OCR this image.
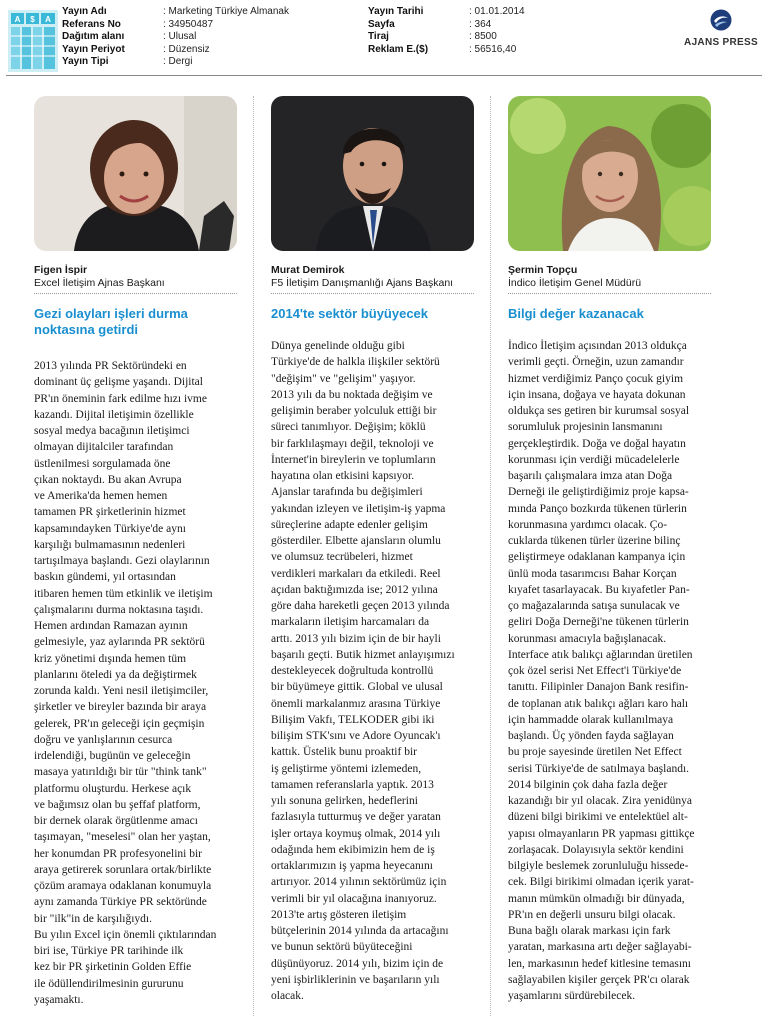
A $ A
Yayın Adı	: Marketing Türkiye Almanak
Referans No	: 34950487
Dağıtım alanı	: Ulusal
Yayın Periyot	: Düzensiz
Yayın Tipi	: Dergi
Yayın Tarihi	: 01.01.2014
Sayfa	: 364
Tiraj	: 8500
Reklam E.($)	: 56516,40
AJANS PRESS
Figen İspir
Excel İletişim Ajnas Başkanı
Gezi olayları işleri durma
noktasına getirdi
2013 yılında PR Sektöründeki en
dominant üç gelişme yaşandı. Dijital
PR'ın öneminin fark edilme hızı ivme
kazandı. Dijital iletişimin özellikle
sosyal medya bacağının iletişimci
olmayan dijitalciler tarafından
üstlenilmesi sorgulamada öne
çıkan noktaydı. Bu akan Avrupa
ve Amerika'da hemen hemen
tamamen PR şirketlerinin hizmet
kapsamındayken Türkiye'de aynı
karşılığı bulmamasının nedenleri
tartışılmaya başlandı. Gezi olaylarının
baskın gündemi, yıl ortasından
itibaren hemen tüm etkinlik ve iletişim
çalışmalarını durma noktasına taşıdı.
Hemen ardından Ramazan ayının
gelmesiyle, yaz aylarında PR sektörü
kriz yönetimi dışında hemen tüm
planlarını öteledi ya da değiştirmek
zorunda kaldı. Yeni nesil iletişimciler,
şirketler ve bireyler bazında bir araya
gelerek, PR'ın geleceği için geçmişin
doğru ve yanlışlarının cesurca
irdelendiği, bugünün ve geleceğin
masaya yatırıldığı bir tür "think tank"
platformu oluşturdu. Herkese açık
ve bağımsız olan bu şeffaf platform,
bir dernek olarak örgütlenme amacı
taşımayan, "meselesi" olan her yaştan,
her konumdan PR profesyonelini bir
araya getirerek sorunlara ortak/birlikte
çözüm aramaya odaklanan konumuyla
aynı zamanda Türkiye PR sektöründe
bir "ilk"in de karşılığıydı.
Bu yılın Excel için önemli çıktılarından
biri ise, Türkiye PR tarihinde ilk
kez bir PR şirketinin Golden Effie
ile ödüllendirilmesinin gururunu
yaşamaktı.
Murat Demirok
F5 İletişim Danışmanlığı Ajans Başkanı
2014'te sektör büyüyecek
Dünya genelinde olduğu gibi
Türkiye'de de halkla ilişkiler sektörü
"değişim" ve "gelişim" yaşıyor.
2013 yılı da bu noktada değişim ve
gelişimin beraber yolculuk ettiği bir
süreci tanımlıyor. Değişim; köklü
bir farklılaşmayı değil, teknoloji ve
İnternet'in bireylerin ve toplumların
hayatına olan etkisini kapsıyor.
Ajanslar tarafında bu değişimleri
yakından izleyen ve iletişim-iş yapma
süreçlerine adapte edenler gelişim
gösterdiler. Elbette ajansların olumlu
ve olumsuz tecrübeleri, hizmet
verdikleri markaları da etkiledi. Reel
açıdan baktığımızda ise; 2012 yılına
göre daha hareketli geçen 2013 yılında
markaların iletişim harcamaları da
arttı. 2013 yılı bizim için de bir hayli
başarılı geçti. Butik hizmet anlayışımızı
destekleyecek doğrultuda kontrollü
bir büyümeye gittik. Global ve ulusal
önemli markalanmız arasına Türkiye
Bilişim Vakfı, TELKODER gibi iki
bilişim STK'sını ve Adore Oyuncak'ı
kattık. Üstelik bunu proaktif bir
iş geliştirme yöntemi izlemeden,
tamamen referanslarla yaptık. 2013
yılı sonuna gelirken, hedeflerini
fazlasıyla tutturmuş ve değer yaratan
işler ortaya koymuş olmak, 2014 yılı
odağında hem ekibimizin hem de iş
ortaklarımızın iş yapma heyecanını
artırıyor. 2014 yılının sektörümüz için
verimli bir yıl olacağına inanıyoruz.
2013'te artış gösteren iletişim
bütçelerinin 2014 yılında da artacağını
ve bunun sektörü büyüteceğini
düşünüyoruz. 2014 yılı, bizim için de
yeni işbirliklerinin ve başarıların yılı
olacak.
Şermin Topçu
İndico İletişim Genel Müdürü
Bilgi değer kazanacak
İndico İletişim açısından 2013 oldukça
verimli geçti. Örneğin, uzun zamandır
hizmet verdiğimiz Panço çocuk giyim
için insana, doğaya ve hayata dokunan
oldukça ses getiren bir kurumsal sosyal
sorumluluk projesinin lansmanını
gerçekleştirdik. Doğa ve doğal hayatın
korunması için verdiği mücadelelerle
başarılı çalışmalara imza atan Doğa
Derneği ile geliştirdiğimiz proje kapsa-
mında Panço bozkırda tükenen türlerin
korunmasına yardımcı olacak. Ço-
cuklarda tükenen türler üzerine bilinç
geliştirmeye odaklanan kampanya için
ünlü moda tasarımcısı Bahar Korçan
kıyafet tasarlayacak. Bu kıyafetler Pan-
ço mağazalarında satışa sunulacak ve
geliri Doğa Derneği'ne tükenen türlerin
korunması amacıyla bağışlanacak.
Interface atık balıkçı ağlarından üretilen
çok özel serisi Net Effect'i Türkiye'de
tanıttı. Filipinler Danajon Bank resifin-
de toplanan atık balıkçı ağları karo halı
için hammadde olarak kullanılmaya
başlandı. Üç yönden fayda sağlayan
bu proje sayesinde üretilen Net Effect
serisi Türkiye'de de satılmaya başlandı.
2014 bilginin çok daha fazla değer
kazandığı bir yıl olacak. Zira yenidünya
düzeni bilgi birikimi ve entelektüel alt-
yapısı olmayanların PR yapması gittikçe
zorlaşacak. Dolayısıyla sektör kendini
bilgiyle beslemek zorunluluğu hissede-
cek. Bilgi birikimi olmadan içerik yarat-
manın mümkün olmadığı bir dünyada,
PR'ın en değerli unsuru bilgi olacak.
Buna bağlı olarak markası için fark
yaratan, markasına artı değer sağlayabi-
len, markasının hedef kitlesine temasını
sağlayabilen kişiler gerçek PR'cı olarak
yaşamlarını sürdürebilecek.
